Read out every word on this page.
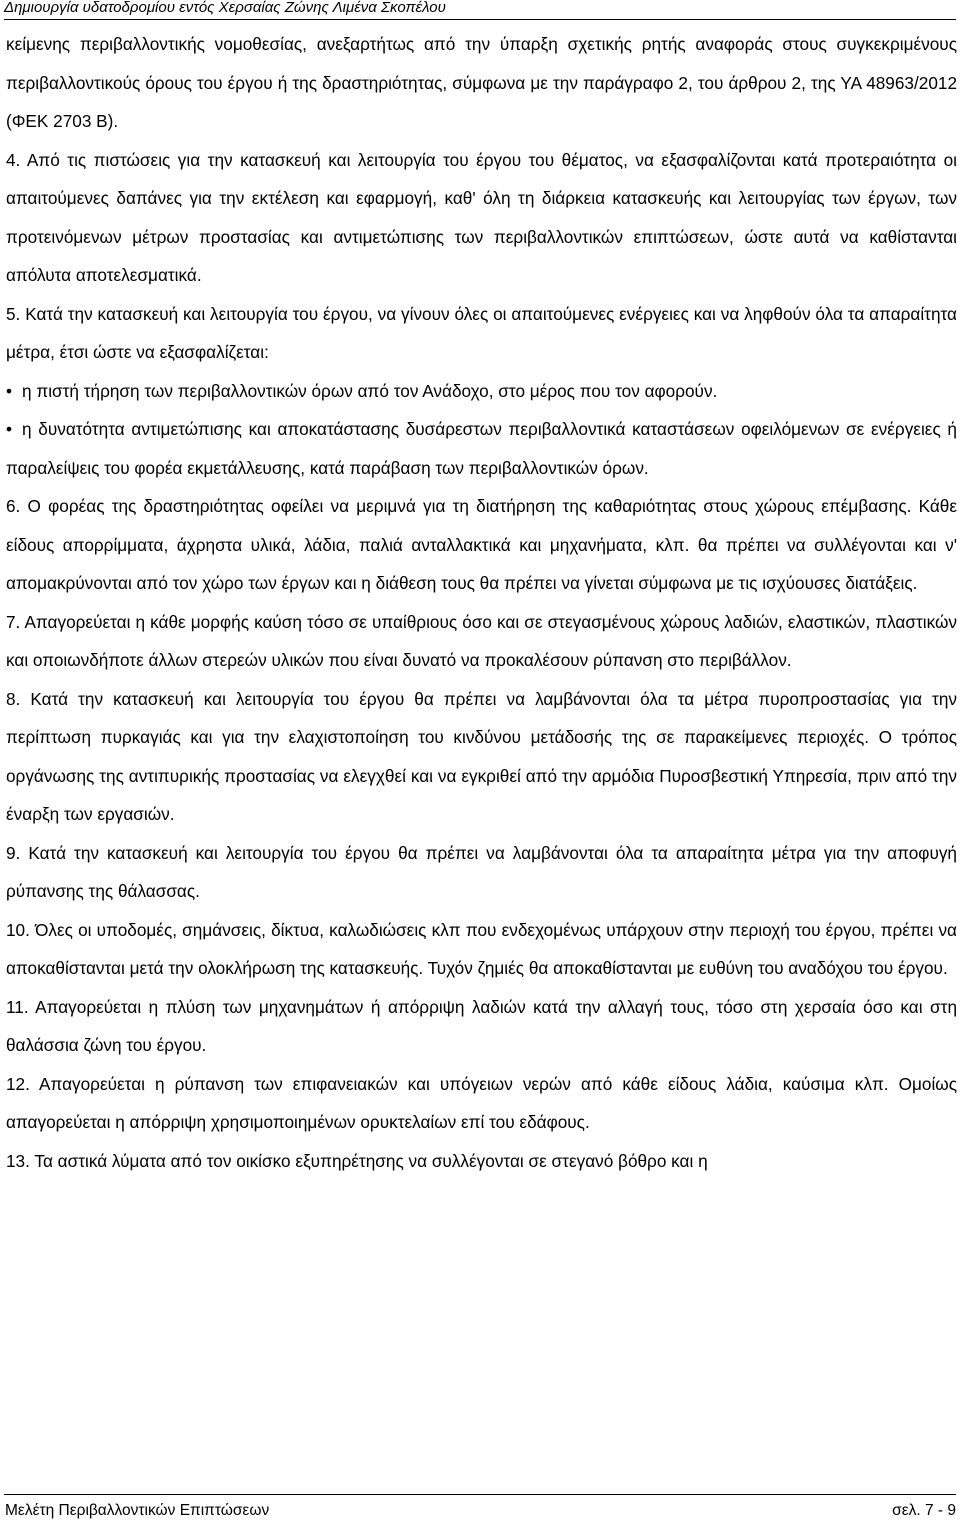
Δημιουργία υδατοδρομίου εντός Χερσαίας Ζώνης Λιμένα Σκοπέλου

κείμενης περιβαλλοντικής νομοθεσίας, ανεξαρτήτως από την ύπαρξη σχετικής ρητής αναφοράς στους συγκεκριμένους περιβαλλοντικούς όρους του έργου ή της δραστηριότητας, σύμφωνα με την παράγραφο 2, του άρθρου 2, της ΥΑ 48963/2012 (ΦΕΚ 2703 Β).

4. Από τις πιστώσεις για την κατασκευή και λειτουργία του έργου του θέματος, να εξασφαλίζονται κατά προτεραιότητα οι απαιτούμενες δαπάνες για την εκτέλεση και εφαρμογή, καθ' όλη τη διάρκεια κατασκευής και λειτουργίας των έργων, των προτεινόμενων μέτρων προστασίας και αντιμετώπισης των περιβαλλοντικών επιπτώσεων, ώστε αυτά να καθίστανται απόλυτα αποτελεσματικά.

5. Κατά την κατασκευή και λειτουργία του έργου, να γίνουν όλες οι απαιτούμενες ενέργειες και να ληφθούν όλα τα απαραίτητα μέτρα, έτσι ώστε να εξασφαλίζεται:

• η πιστή τήρηση των περιβαλλοντικών όρων από τον Ανάδοχο, στο μέρος που τον αφορούν.

• η δυνατότητα αντιμετώπισης και αποκατάστασης δυσάρεστων περιβαλλοντικά καταστάσεων οφειλόμενων σε ενέργειες ή παραλείψεις του φορέα εκμετάλλευσης, κατά παράβαση των περιβαλλοντικών όρων.

6. Ο φορέας της δραστηριότητας οφείλει να μεριμνά για τη διατήρηση της καθαριότητας στους χώρους επέμβασης. Κάθε είδους απορρίμματα, άχρηστα υλικά, λάδια, παλιά ανταλλακτικά και μηχανήματα, κλπ. θα πρέπει να συλλέγονται και ν' απομακρύνονται από τον χώρο των έργων και η διάθεση τους θα πρέπει να γίνεται σύμφωνα με τις ισχύουσες διατάξεις.

7. Απαγορεύεται η κάθε μορφής καύση τόσο σε υπαίθριους όσο και σε στεγασμένους χώρους λαδιών, ελαστικών, πλαστικών και οποιωνδήποτε άλλων στερεών υλικών που είναι δυνατό να προκαλέσουν ρύπανση στο περιβάλλον.

8. Κατά την κατασκευή και λειτουργία του έργου θα πρέπει να λαμβάνονται όλα τα μέτρα πυροπροστασίας για την περίπτωση πυρκαγιάς και για την ελαχιστοποίηση του κινδύνου μετάδοσής της σε παρακείμενες περιοχές. Ο τρόπος οργάνωσης της αντιπυρικής προστασίας να ελεγχθεί και να εγκριθεί από την αρμόδια Πυροσβεστική Υπηρεσία, πριν από την έναρξη των εργασιών.

9. Κατά την κατασκευή και λειτουργία του έργου θα πρέπει να λαμβάνονται όλα τα απαραίτητα μέτρα για την αποφυγή ρύπανσης της θάλασσας.

10. Όλες οι υποδομές, σημάνσεις, δίκτυα, καλωδιώσεις κλπ που ενδεχομένως υπάρχουν στην περιοχή του έργου, πρέπει να αποκαθίστανται μετά την ολοκλήρωση της κατασκευής. Τυχόν ζημιές θα αποκαθίστανται με ευθύνη του αναδόχου του έργου.

11. Απαγορεύεται η πλύση των μηχανημάτων ή απόρριψη λαδιών κατά την αλλαγή τους, τόσο στη χερσαία όσο και στη θαλάσσια ζώνη του έργου.

12. Απαγορεύεται η ρύπανση των επιφανειακών και υπόγειων νερών από κάθε είδους λάδια, καύσιμα κλπ. Ομοίως απαγορεύεται η απόρριψη χρησιμοποιημένων ορυκτελαίων επί του εδάφους.

13. Τα αστικά λύματα από τον οικίσκο εξυπηρέτησης να συλλέγονται σε στεγανό βόθρο και η

Μελέτη Περιβαλλοντικών Επιπτώσεων	σελ. 7 - 9
